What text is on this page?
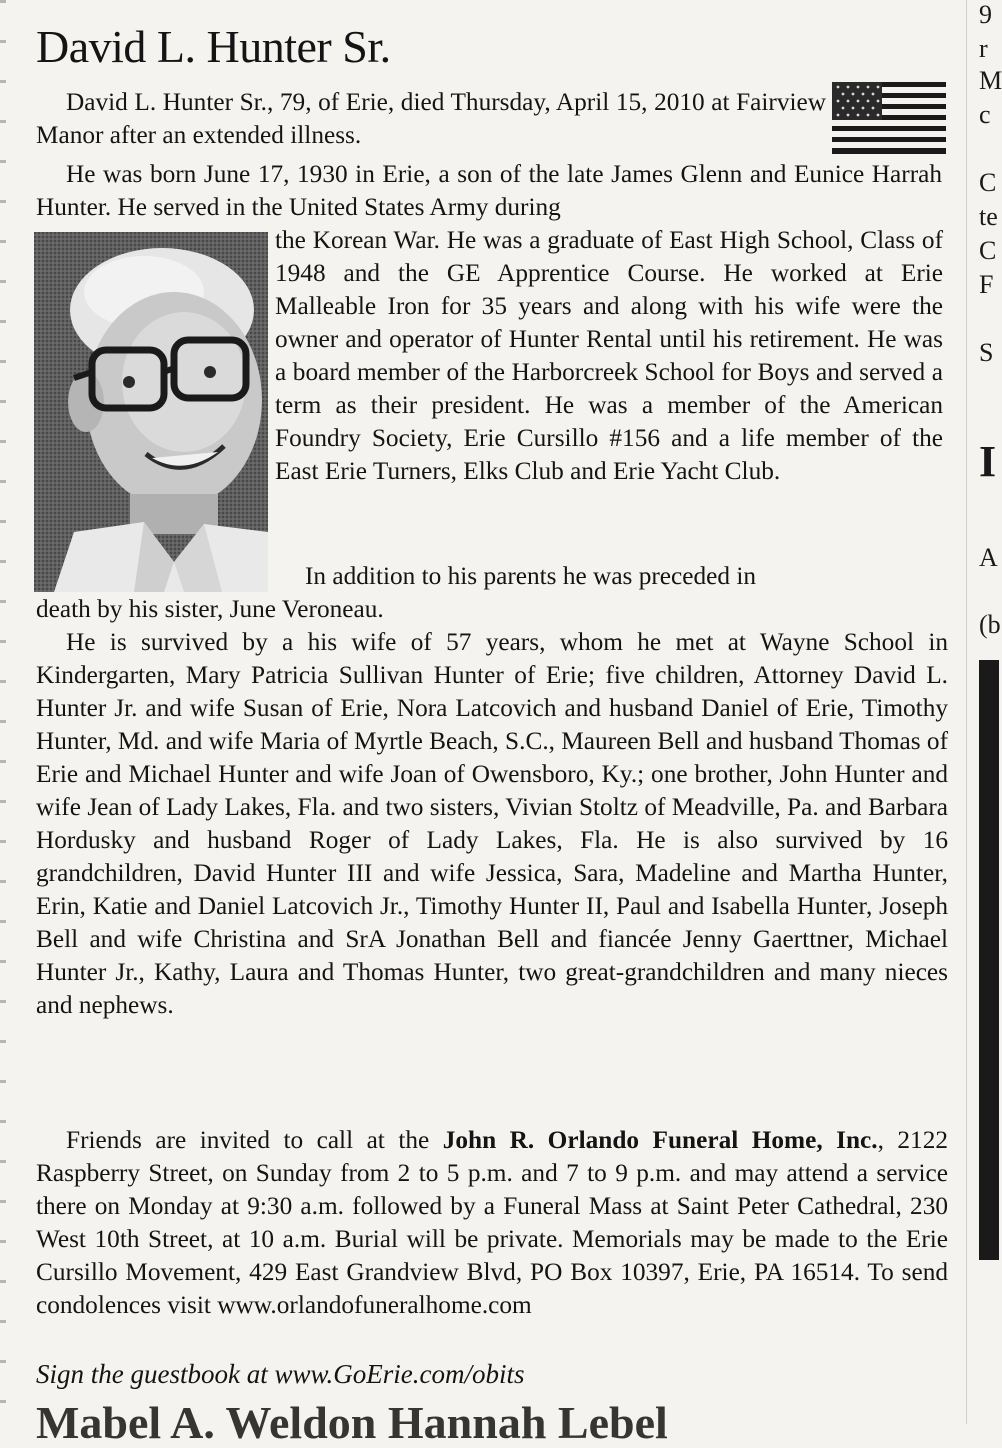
David L. Hunter Sr.

David L. Hunter Sr., 79, of Erie, died Thursday, April 15, 2010 at Fairview Manor after an extended illness.

He was born June 17, 1930 in Erie, a son of the late James Glenn and Eunice Harrah Hunter. He served in the United States Army during

the Korean War. He was a graduate of East High School, Class of 1948 and the GE Apprentice Course. He worked at Erie Malleable Iron for 35 years and along with his wife were the owner and operator of Hunter Rental until his retirement. He was a board member of the Harborcreek School for Boys and served a term as their president. He was a member of the American Foundry Society, Erie Cursillo #156 and a life member of the East Erie Turners, Elks Club and Erie Yacht Club.

In addition to his parents he was preceded in

death by his sister, June Veroneau.

He is survived by a his wife of 57 years, whom he met at Wayne School in Kindergarten, Mary Patricia Sullivan Hunter of Erie; five children, Attorney David L. Hunter Jr. and wife Susan of Erie, Nora Latcovich and husband Daniel of Erie, Timothy Hunter, Md. and wife Maria of Myrtle Beach, S.C., Maureen Bell and husband Thomas of Erie and Michael Hunter and wife Joan of Owensboro, Ky.; one brother, John Hunter and wife Jean of Lady Lakes, Fla. and two sisters, Vivian Stoltz of Meadville, Pa. and Barbara Hordusky and husband Roger of Lady Lakes, Fla. He is also survived by 16 grandchildren, David Hunter III and wife Jessica, Sara, Madeline and Martha Hunter, Erin, Katie and Daniel Latcovich Jr., Timothy Hunter II, Paul and Isabella Hunter, Joseph Bell and wife Christina and SrA Jonathan Bell and fiancée Jenny Gaerttner, Michael Hunter Jr., Kathy, Laura and Thomas Hunter, two great-grandchildren and many nieces and nephews.

Friends are invited to call at the John R. Orlando Funeral Home, Inc., 2122 Raspberry Street, on Sunday from 2 to 5 p.m. and 7 to 9 p.m. and may attend a service there on Monday at 9:30 a.m. followed by a Funeral Mass at Saint Peter Cathedral, 230 West 10th Street, at 10 a.m. Burial will be private. Memorials may be made to the Erie Cursillo Movement, 429 East Grandview Blvd, PO Box 10397, Erie, PA 16514. To send condolences visit www.orlandofuneralhome.com

Sign the guestbook at www.GoErie.com/obits

Mabel A. Weldon Hannah Lebel
9
r
M
c
C
te
C
F
S
I
A
(b
